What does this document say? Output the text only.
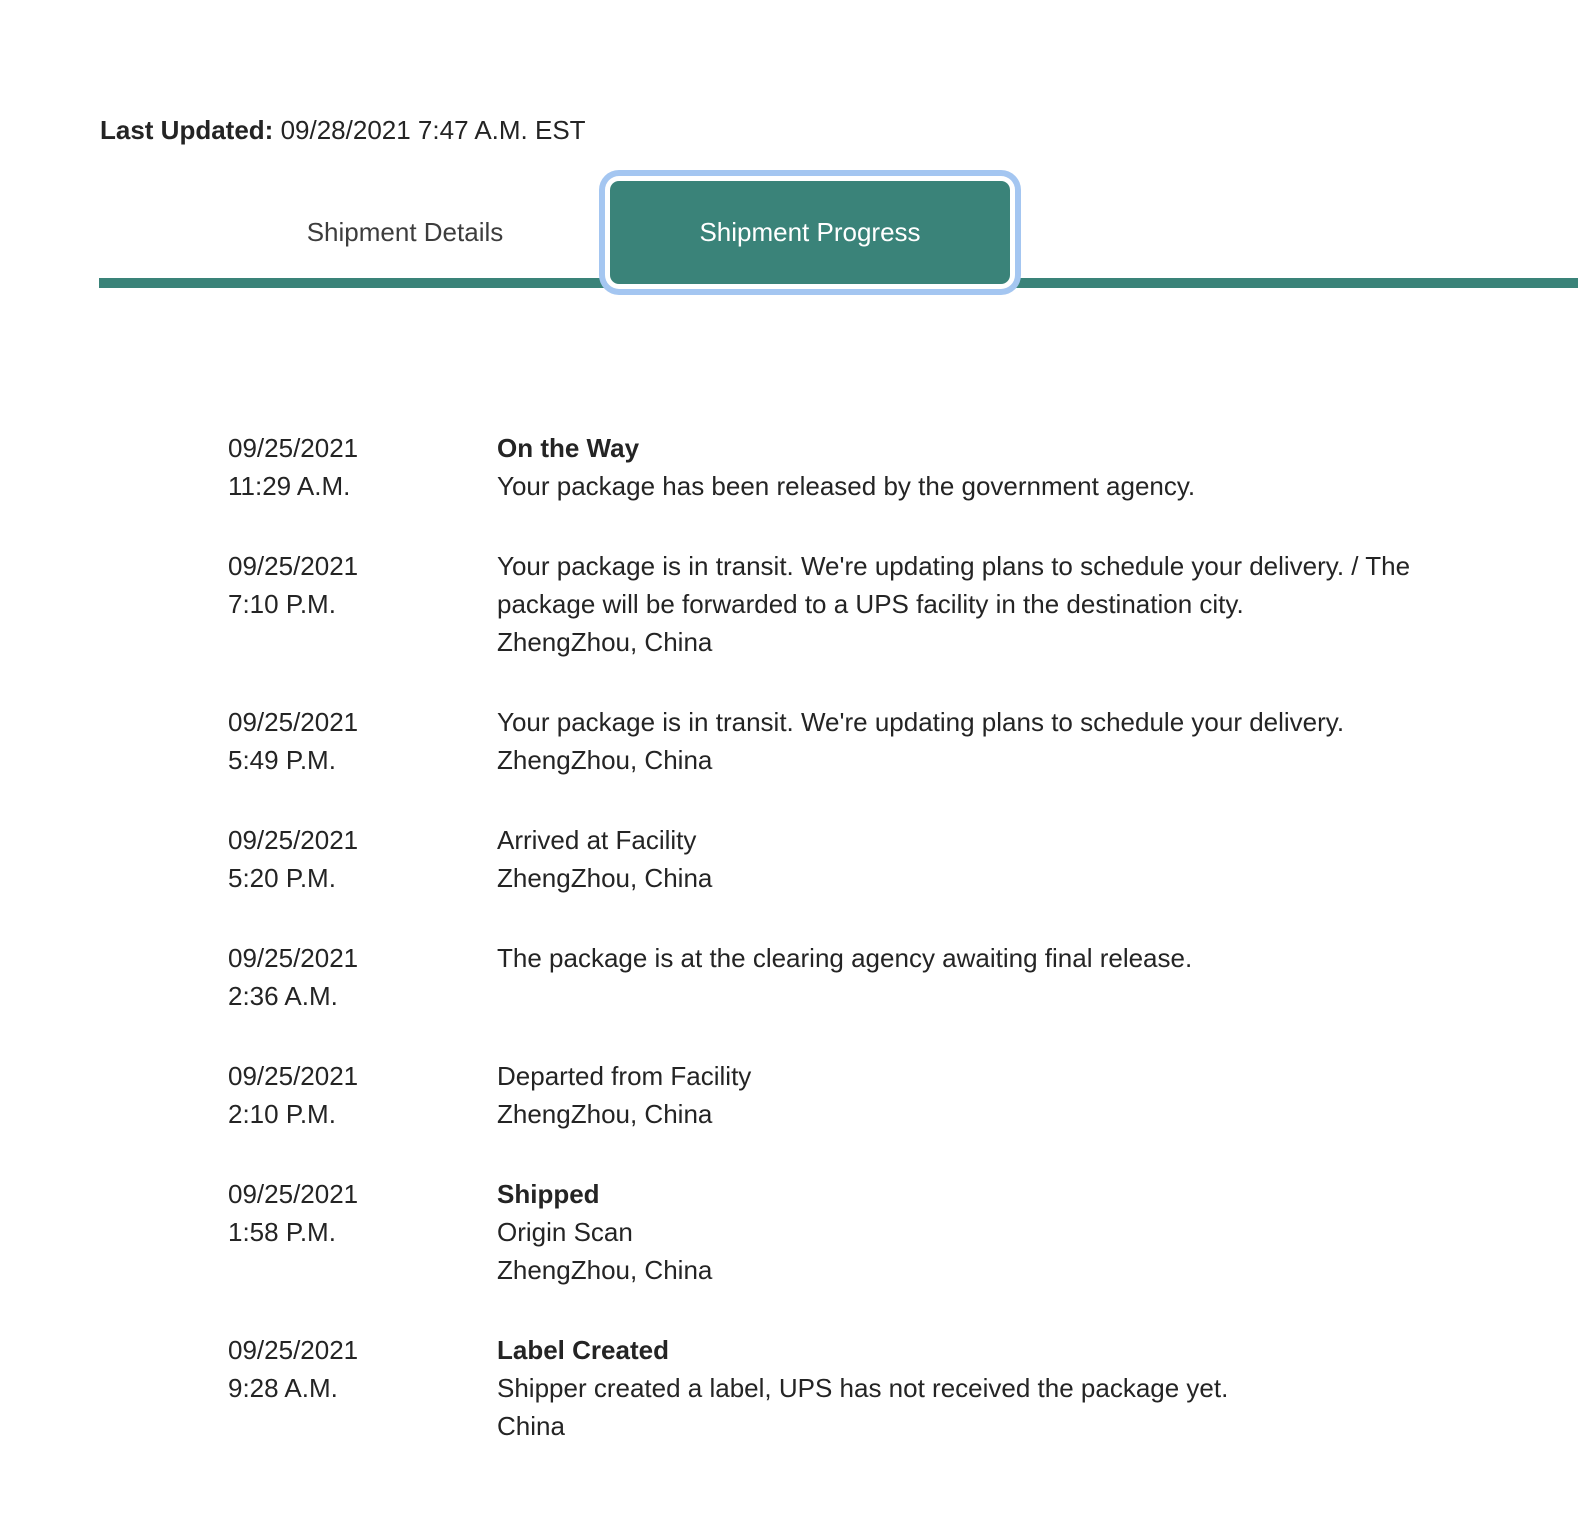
Last Updated: 09/28/2021 7:47 A.M. EST
Shipment Details	Shipment Progress
09/25/2021
11:29 A.M.
On the Way
Your package has been released by the government agency.
09/25/2021
7:10 P.M.
Your package is in transit. We're updating plans to schedule your delivery. / The package will be forwarded to a UPS facility in the destination city.
ZhengZhou, China
09/25/2021
5:49 P.M.
Your package is in transit. We're updating plans to schedule your delivery.
ZhengZhou, China
09/25/2021
5:20 P.M.
Arrived at Facility
ZhengZhou, China
09/25/2021
2:36 A.M.
The package is at the clearing agency awaiting final release.
09/25/2021
2:10 P.M.
Departed from Facility
ZhengZhou, China
09/25/2021
1:58 P.M.
Shipped
Origin Scan
ZhengZhou, China
09/25/2021
9:28 A.M.
Label Created
Shipper created a label, UPS has not received the package yet.
China
